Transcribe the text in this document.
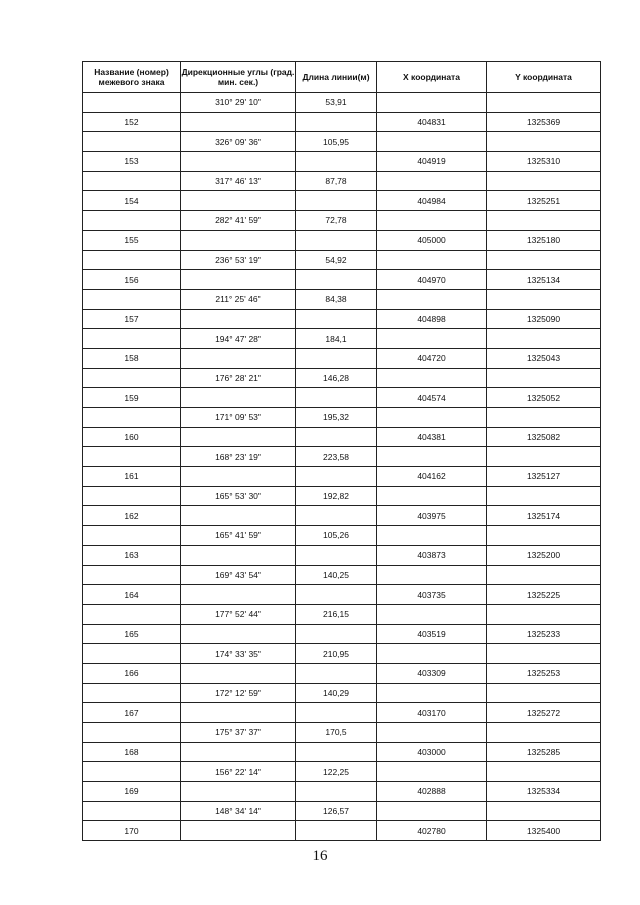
Название (номер) межевого знака	Дирекционные углы (град. мин. сек.)	Длина линии(м)	X координата	Y координата
	310° 29' 10"	53,91		
152			404831	1325369
	326° 09' 36"	105,95		
153			404919	1325310
	317° 46' 13"	87,78		
154			404984	1325251
	282° 41' 59"	72,78		
155			405000	1325180
	236° 53' 19"	54,92		
156			404970	1325134
	211° 25' 46"	84,38		
157			404898	1325090
	194° 47' 28"	184,1		
158			404720	1325043
	176° 28' 21"	146,28		
159			404574	1325052
	171° 09' 53"	195,32		
160			404381	1325082
	168° 23' 19"	223,58		
161			404162	1325127
	165° 53' 30"	192,82		
162			403975	1325174
	165° 41' 59"	105,26		
163			403873	1325200
	169° 43' 54"	140,25		
164			403735	1325225
	177° 52' 44"	216,15		
165			403519	1325233
	174° 33' 35"	210,95		
166			403309	1325253
	172° 12' 59"	140,29		
167			403170	1325272
	175° 37' 37"	170,5		
168			403000	1325285
	156° 22' 14"	122,25		
169			402888	1325334
	148° 34' 14"	126,57		
170			402780	1325400
16
